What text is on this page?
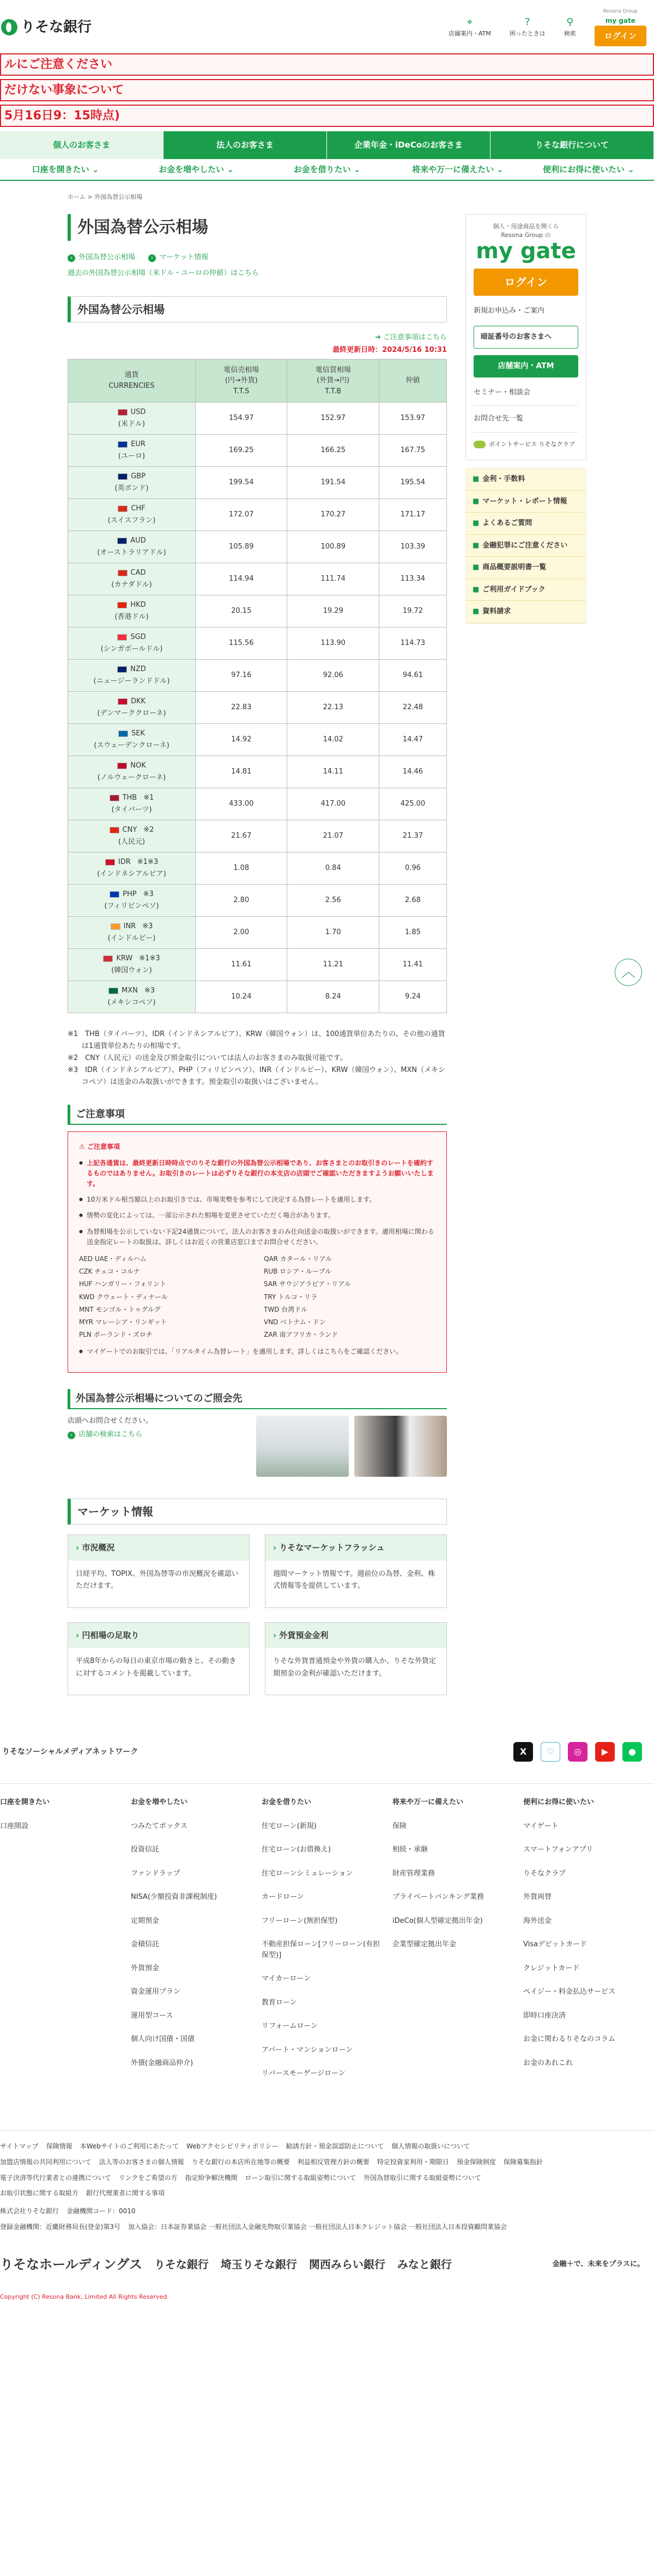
りそな銀行	⌖
店舗案内・ATM
?
困ったときは
⚲
検索
Resona Group
my gate
ログイン
ルにご注意ください
だけない事象について
5月16日9：15時点)
個人のお客さま	法人のお客さま	企業年金・iDeCoのお客さま	りそな銀行について
口座を開きたい ⌄	お金を増やしたい ⌄	お金を借りたい ⌄	将来や万一に備えたい ⌄	便利にお得に使いたい ⌄
ホーム > 外国為替公示相場
外国為替公示相場
› 外国為替公示相場	› マーケット情報
過去の外国為替公示相場（米ドル・ユーロの仲値）はこちら
外国為替公示相場
➔ ご注意事項はこちら
最終更新日時：2024/5/16 10:31
通貨
CURRENCIES	電信売相場
(円→外貨)
T.T.S	電信買相場
(外貨→円)
T.T.B	仲値

USD
(米ドル)	154.97	152.97	153.97

EUR
(ユーロ)	169.25	166.25	167.75

GBP
(英ポンド)	199.54	191.54	195.54

CHF
(スイスフラン)	172.07	170.27	171.17

AUD
(オーストラリアドル)	105.89	100.89	103.39

CAD
(カナダドル)	114.94	111.74	113.34

HKD
(香港ドル)	20.15	19.29	19.72

SGD
(シンガポールドル)	115.56	113.90	114.73

NZD
(ニュージーランドドル)	97.16	92.06	94.61

DKK
(デンマーククローネ)	22.83	22.13	22.48

SEK
(スウェーデンクローネ)	14.92	14.02	14.47

NOK
(ノルウェークローネ)	14.81	14.11	14.46

THB ※1
(タイバーツ)	433.00	417.00	425.00

CNY ※2
(人民元)	21.67	21.07	21.37

IDR ※1※3
(インドネシアルピア)	1.08	0.84	0.96

PHP ※3
(フィリピンペソ)	2.80	2.56	2.68

INR ※3
(インドルピー)	2.00	1.70	1.85

KRW ※1※3
(韓国ウォン)	11.61	11.21	11.41

MXN ※3
(メキシコペソ)	10.24	8.24	9.24
※1　THB（タイバーツ）、IDR（インドネシアルピア）、KRW（韓国ウォン）は、100通貨単位あたりの、その他の通貨は1通貨単位あたりの相場です。
※2　CNY（人民元）の送金及び預金取引については法人のお客さまのみ取扱可能です。
※3　IDR（インドネシアルピア）、PHP（フィリピンペソ）、INR（インドルピー）、KRW（韓国ウォン）、MXN（メキシコペソ）は送金のみ取扱いができます。預金取引の取扱いはございません。
ご注意事項
⚠ ご注意事項
● 上記各通貨は、最終更新日時時点でのりそな銀行の外国為替公示相場であり、お客さまとのお取引きのレートを確約するものではありません。お取引きのレートは必ずりそな銀行の本支店の店頭でご確認いただきますようお願いいたします。
● 10万米ドル相当額以上のお取引きでは、市場実勢を参考にして決定する為替レートを適用します。
● 情勢の変化によっては、一部公示された相場を変更させていただく場合があります。
● 為替相場を公示していない下記24通貨について、法人のお客さまのみ仕向送金の取扱いができます。適用相場に関わる送金指定レートの取扱は、詳しくはお近くの営業店窓口までお問合せください。
AED UAE・ディルハム	QAR カタール・リアル
CZK チェコ・コルナ	RUB ロシア・ルーブル
HUF ハンガリー・フォリント	SAR サウジアラビア・リアル
KWD クウェート・ディナール	TRY トルコ・リラ
MNT モンゴル・トゥグルグ	TWD 台湾ドル
MYR マレーシア・リンギット	VND ベトナム・ドン
PLN ポーランド・ズロチ	ZAR 南アフリカ・ランド
● マイゲートでのお取引では、「リアルタイム為替レート」を適用します。詳しくはこちらをご確認ください。
外国為替公示相場についてのご照会先
店頭へお問合せください。
› 店舗の検索はこちら
マーケット情報
› 市況概況
日経平均、TOPIX、外国為替等の市況概況を確認いただけます。
› りそなマーケットフラッシュ
週間マーケット情報です。週前位の為替、金利、株式情報等を提供しています。
› 円相場の足取り
平成8年からの毎日の東京市場の動きと、その動きに対するコメントを掲載しています。
› 外貨預金金利
りそな外貨普通預金や外貨の購入か、りそな外貨定期預金の金利が確認いただけます。
個人・用途商品を開くら
Resona Group の
my gate
ログイン
新規お申込み・ご案内
暗証番号のお客さまへ
店舗案内・ATM
セミナー・相談会
お問合せ先一覧
ポイントサービス りそなクラブ
■ 金利・手数料
■ マーケット・レポート情報
■ よくあるご質問
■ 金融犯罪にご注意ください
■ 商品概要説明書一覧
■ ご利用ガイドブック
■ 資料請求
︿
りそなソーシャルメディアネットワーク	X	♡	◎	▶	●
口座を開きたい
口座開設
お金を増やしたい
つみたてボックス
投資信託
ファンドラップ
NISA(少額投資非課税制度)
定期預金
金積信託
外貨預金
資金運用プラン
運用型コース
個人向け国債・国債
外債(金融商品仲介)
お金を借りたい
住宅ローン(新規)
住宅ローン(お借換え)
住宅ローンシミュレーション
カードローン
フリーローン(無担保型)
不動産担保ローン[フリーローン(有担保型)]
マイカーローン
教育ローン
リフォームローン
アパート・マンションローン
リバースモーゲージローン
将来や万一に備えたい
保険
相続・承継
財産管理業務
プライベートバンキング業務
iDeCo(個人型確定拠出年金)
企業型確定拠出年金
便利にお得に使いたい
マイゲート
スマートフォンアプリ
りそなクラブ
外貨両替
海外送金
Visaデビットカード
クレジットカード
ペイジー・料金払込サービス
即時口座決済
お金に関わるりそなのコラム
お金のあれこれ
サイトマップ 保険情報 本Webサイトのご利用にあたって Webアクセシビリティポリシー 勧誘方針・預金誤認防止について 個人情報の取扱いについて
加盟店情報の共同利用について 法人等のお客さまの個人情報 りそな銀行の本店所在地等の概要 利益相反管理方針の概要 特定投資家利用・期限日 預金保険制度 保険募集指針
電子決済等代行業者との連携について リンクをご希望の方 指定紛争解決機関 ローン取引に関する取組姿勢について 外国為替取引に関する取組姿勢について
お取引状態に関する取組方 銀行代理業者に関する事項
株式会社りそな銀行 金融機関コード：0010
登録金融機関：近畿財務局長(登金)第3号 加入協会：日本証券業協会 一般社団法人金融先物取引業協会 一般社団法人日本クレジット協会 一般社団法人日本投資顧問業協会
りそなホールディングス りそな銀行 埼玉りそな銀行 関西みらい銀行 みなと銀行	金融＋で、未来をプラスに。
Copyright (C) Resona Bank, Limited All Rights Reserved.
